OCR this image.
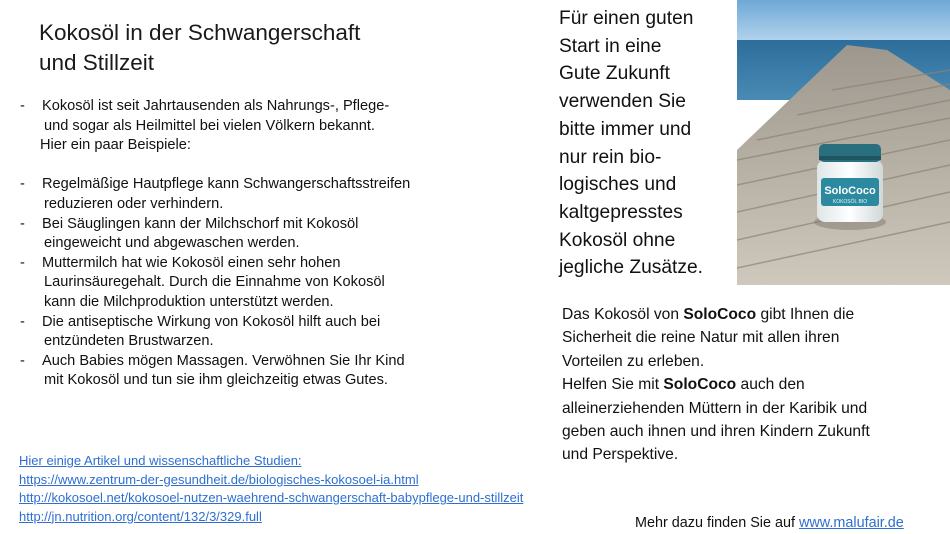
Kokosöl in der Schwangerschaft
und Stillzeit
- Kokosöl ist seit Jahrtausenden als Nahrungs-, Pflege-
und sogar als Heilmittel bei vielen Völkern bekannt.
Hier ein paar Beispiele:
- Regelmäßige Hautpflege kann Schwangerschaftsstreifen
reduzieren oder verhindern.
- Bei Säuglingen kann der Milchschorf mit Kokosöl
eingeweicht und abgewaschen werden.
- Muttermilch hat wie Kokosöl einen sehr hohen
Laurinsäuregehalt. Durch die Einnahme von Kokosöl
kann die Milchproduktion unterstützt werden.
- Die antiseptische Wirkung von Kokosöl hilft auch bei
entzündeten Brustwarzen.
- Auch Babies mögen Massagen. Verwöhnen Sie Ihr Kind
mit Kokosöl und tun sie ihm gleichzeitig etwas Gutes.
Hier einige Artikel und wissenschaftliche Studien:
https://www.zentrum-der-gesundheit.de/biologisches-kokosoel-ia.html
http://kokosoel.net/kokosoel-nutzen-waehrend-schwangerschaft-babypflege-und-stillzeit
http://jn.nutrition.org/content/132/3/329.full
Für einen guten
Start in eine
Gute Zukunft
verwenden Sie
bitte immer und
nur rein bio-
logisches und
kaltgepresstes
Kokosöl ohne
jegliche Zusätze.
SoloCoco
KOKOSÖL BIO
Das Kokosöl von SoloCoco gibt Ihnen die
Sicherheit die reine Natur mit allen ihren
Vorteilen zu erleben.
Helfen Sie mit SoloCoco auch den
alleinerziehenden Müttern in der Karibik und
geben auch ihnen und ihren Kindern Zukunft
und Perspektive.
Mehr dazu finden Sie auf www.malufair.de
